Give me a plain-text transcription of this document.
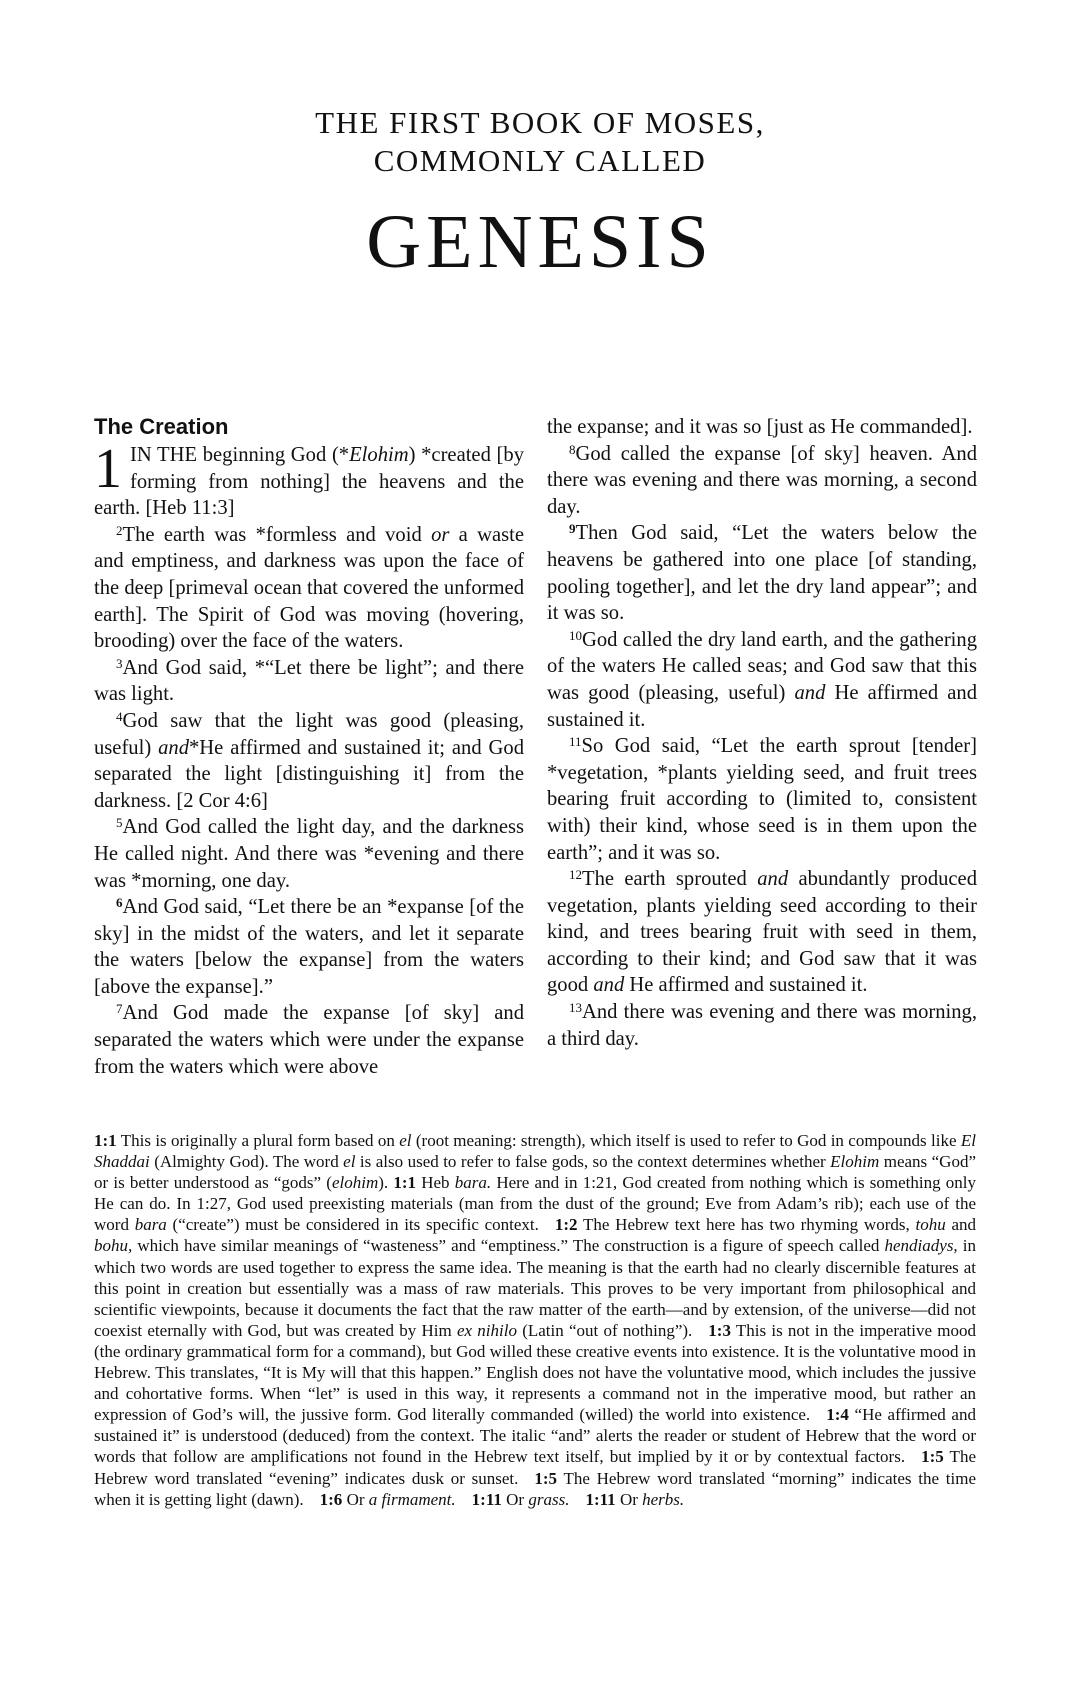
THE FIRST BOOK OF MOSES,
COMMONLY CALLED
GENESIS
The Creation

1 IN THE beginning God (*Elohim) *created [by forming from nothing] the heavens and the earth. [Heb 11:3]

$^2$The earth was *formless and void or a waste and emptiness, and darkness was upon the face of the deep [primeval ocean that covered the unformed earth]. The Spirit of God was moving (hovering, brooding) over the face of the waters.

$^3$And God said, *“Let there be light”; and there was light.

$^4$God saw that the light was good (pleasing, useful) and*He affirmed and sustained it; and God separated the light [distinguishing it] from the darkness. [2 Cor 4:6]

$^5$And God called the light day, and the darkness He called night. And there was *evening and there was *morning, one day.

$^6$And God said, “Let there be an *expanse [of the sky] in the midst of the waters, and let it separate the waters [below the expanse] from the waters [above the expanse].”

$^7$And God made the expanse [of sky] and separated the waters which were under the expanse from the waters which were above

the expanse; and it was so [just as He commanded].

$^8$God called the expanse [of sky] heaven. And there was evening and there was morning, a second day.

$^9$Then God said, “Let the waters below the heavens be gathered into one place [of standing, pooling together], and let the dry land appear”; and it was so.

$^{10}$God called the dry land earth, and the gathering of the waters He called seas; and God saw that this was good (pleasing, useful) and He affirmed and sustained it.

$^{11}$So God said, “Let the earth sprout [tender] *vegetation, *plants yielding seed, and fruit trees bearing fruit according to (limited to, consistent with) their kind, whose seed is in them upon the earth”; and it was so.

$^{12}$The earth sprouted and abundantly produced vegetation, plants yielding seed according to their kind, and trees bearing fruit with seed in them, according to their kind; and God saw that it was good and He affirmed and sustained it.

$^{13}$And there was evening and there was morning, a third day.

1:1 This is originally a plural form based on el (root meaning: strength), which itself is used to refer to God in compounds like El Shaddai (Almighty God). The word el is also used to refer to false gods, so the context determines whether Elohim means “God” or is better understood as “gods” (elohim). 1:1 Heb bara. Here and in 1:21, God created from nothing which is something only He can do. In 1:27, God used preexisting materials (man from the dust of the ground; Eve from Adam’s rib); each use of the word bara (“create”) must be considered in its specific context. 1:2 The Hebrew text here has two rhyming words, tohu and bohu, which have similar meanings of “wasteness” and “emptiness.” The construction is a figure of speech called hendiadys, in which two words are used together to express the same idea. The meaning is that the earth had no clearly discernible features at this point in creation but essentially was a mass of raw materials. This proves to be very important from philosophical and scientific viewpoints, because it documents the fact that the raw matter of the earth—and by extension, of the universe—did not coexist eternally with God, but was created by Him ex nihilo (Latin “out of nothing”). 1:3 This is not in the imperative mood (the ordinary grammatical form for a command), but God willed these creative events into existence. It is the voluntative mood in Hebrew. This translates, “It is My will that this happen.” English does not have the voluntative mood, which includes the jussive and cohortative forms. When “let” is used in this way, it represents a command not in the imperative mood, but rather an expression of God’s will, the jussive form. God literally commanded (willed) the world into existence. 1:4 “He affirmed and sustained it” is understood (deduced) from the context. The italic “and” alerts the reader or student of Hebrew that the word or words that follow are amplifications not found in the Hebrew text itself, but implied by it or by contextual factors. 1:5 The Hebrew word translated “evening” indicates dusk or sunset. 1:5 The Hebrew word translated “morning” indicates the time when it is getting light (dawn). 1:6 Or a firmament. 1:11 Or grass. 1:11 Or herbs.
